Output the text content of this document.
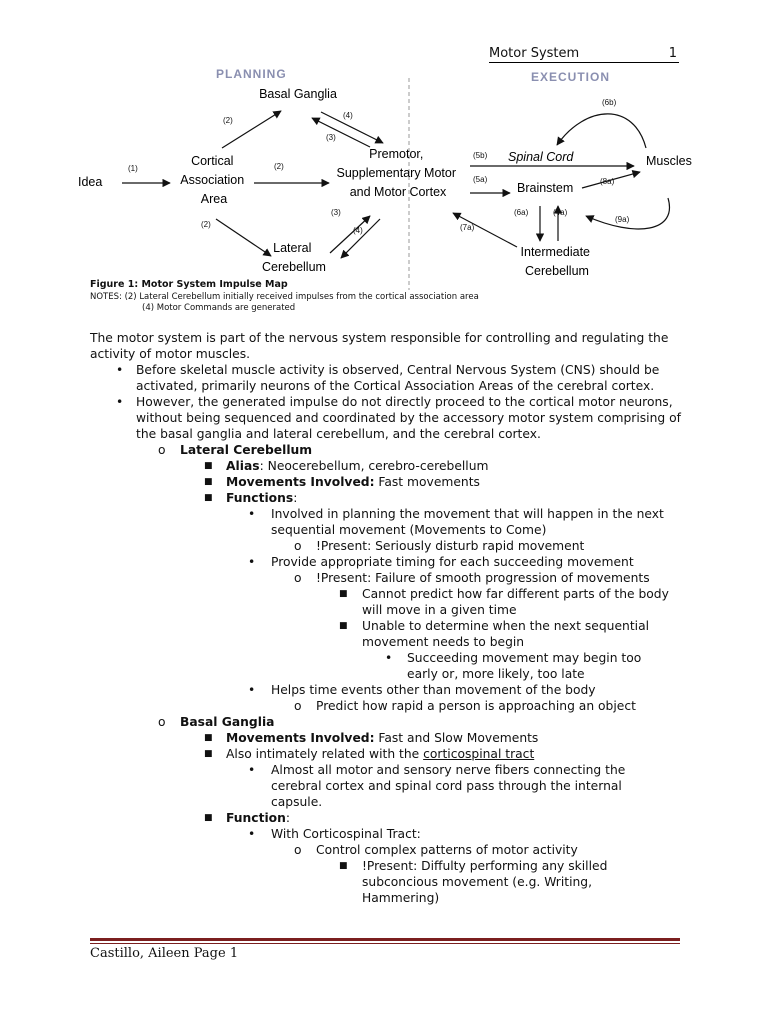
Motor System	1
PLANNING	EXECUTION
Idea
Cortical Association Area
Basal Ganglia
Lateral Cerebellum
Premotor, Supplementary Motor and Motor Cortex
Spinal Cord
Brainstem
Muscles
Intermediate Cerebellum
(1)
(2)
(2)
(2)
(4)
(3)
(3)
(4)
(5b)
(5a)
(6b)
(8a)
(6a)	(4a)
(9a)
(7a)
Figure 1: Motor System Impulse Map
NOTES: (2) Lateral Cerebellum initially received impulses from the cortical association area
(4) Motor Commands are generated

The motor system is part of the nervous system responsible for controlling and regulating the activity of motor muscles.

• Before skeletal muscle activity is observed, Central Nervous System (CNS) should be activated, primarily neurons of the Cortical Association Areas of the cerebral cortex.
• However, the generated impulse do not directly proceed to the cortical motor neurons, without being sequenced and coordinated by the accessory motor system comprising of the basal ganglia and lateral cerebellum, and the cerebral cortex.
o Lateral Cerebellum
■ Alias: Neocerebellum, cerebro-cerebellum
■ Movements Involved: Fast movements
■ Functions:
• Involved in planning the movement that will happen in the next sequential movement (Movements to Come)
o !Present: Seriously disturb rapid movement
• Provide appropriate timing for each succeeding movement
o !Present: Failure of smooth progression of movements
■ Cannot predict how far different parts of the body will move in a given time
■ Unable to determine when the next sequential movement needs to begin
• Succeeding movement may begin too early or, more likely, too late
• Helps time events other than movement of the body
o Predict how rapid a person is approaching an object
o Basal Ganglia
■ Movements Involved: Fast and Slow Movements
■ Also intimately related with the corticospinal tract
• Almost all motor and sensory nerve fibers connecting the cerebral cortex and spinal cord pass through the internal capsule.
■ Function:
• With Corticospinal Tract:
o Control complex patterns of motor activity
■ !Present: Diffulty performing any skilled subconcious movement (e.g. Writing, Hammering)
Castillo, Aileen Page 1
